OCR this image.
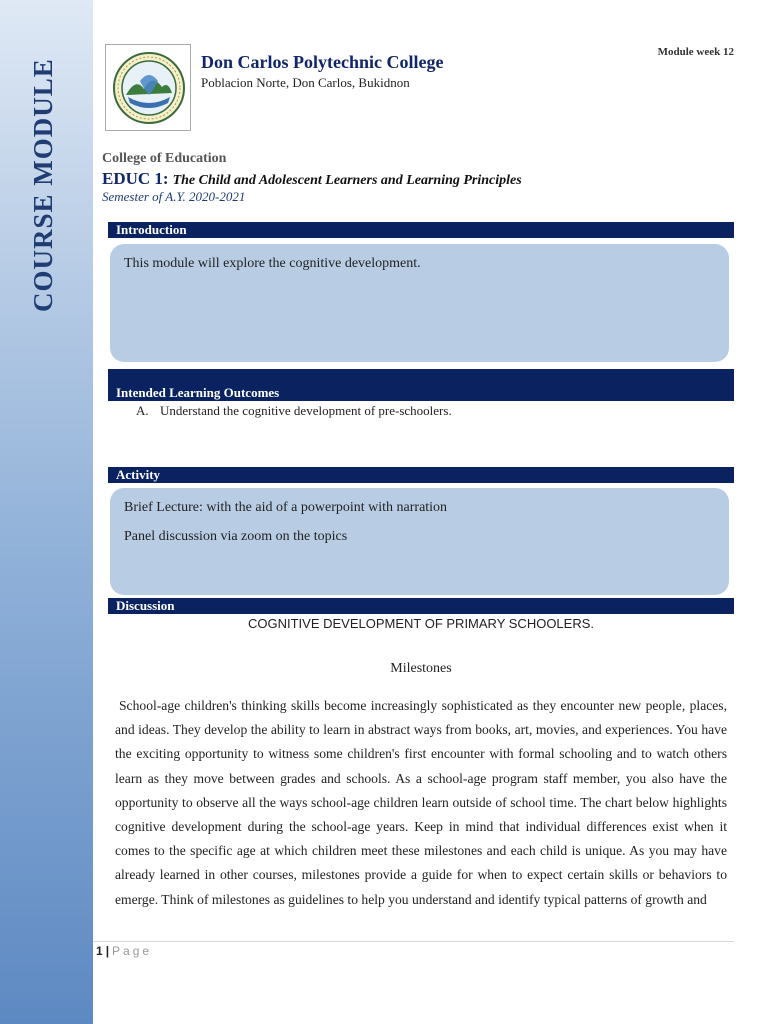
COURSE MODULE	Don Carlos Polytechnic College
Poblacion Norte, Don Carlos, Bukidnon
Module week 12
College of Education
EDUC 1: The Child and Adolescent Learners and Learning Principles
Semester of A.Y. 2020-2021
Introduction
This module will explore the cognitive development.
Intended Learning Outcomes
A. Understand the cognitive development of pre-schoolers.
Activity
Brief Lecture: with the aid of a powerpoint with narration
Panel discussion via zoom on the topics
Discussion
COGNITIVE DEVELOPMENT OF PRIMARY SCHOOLERS.
Milestones
School-age children's thinking skills become increasingly sophisticated as they encounter new people, places, and ideas. They develop the ability to learn in abstract ways from books, art, movies, and experiences. You have the exciting opportunity to witness some children's first encounter with formal schooling and to watch others learn as they move between grades and schools. As a school-age program staff member, you also have the opportunity to observe all the ways school-age children learn outside of school time. The chart below highlights cognitive development during the school-age years. Keep in mind that individual differences exist when it comes to the specific age at which children meet these milestones and each child is unique. As you may have already learned in other courses, milestones provide a guide for when to expect certain skills or behaviors to emerge. Think of milestones as guidelines to help you understand and identify typical patterns of growth and
1 | Page
